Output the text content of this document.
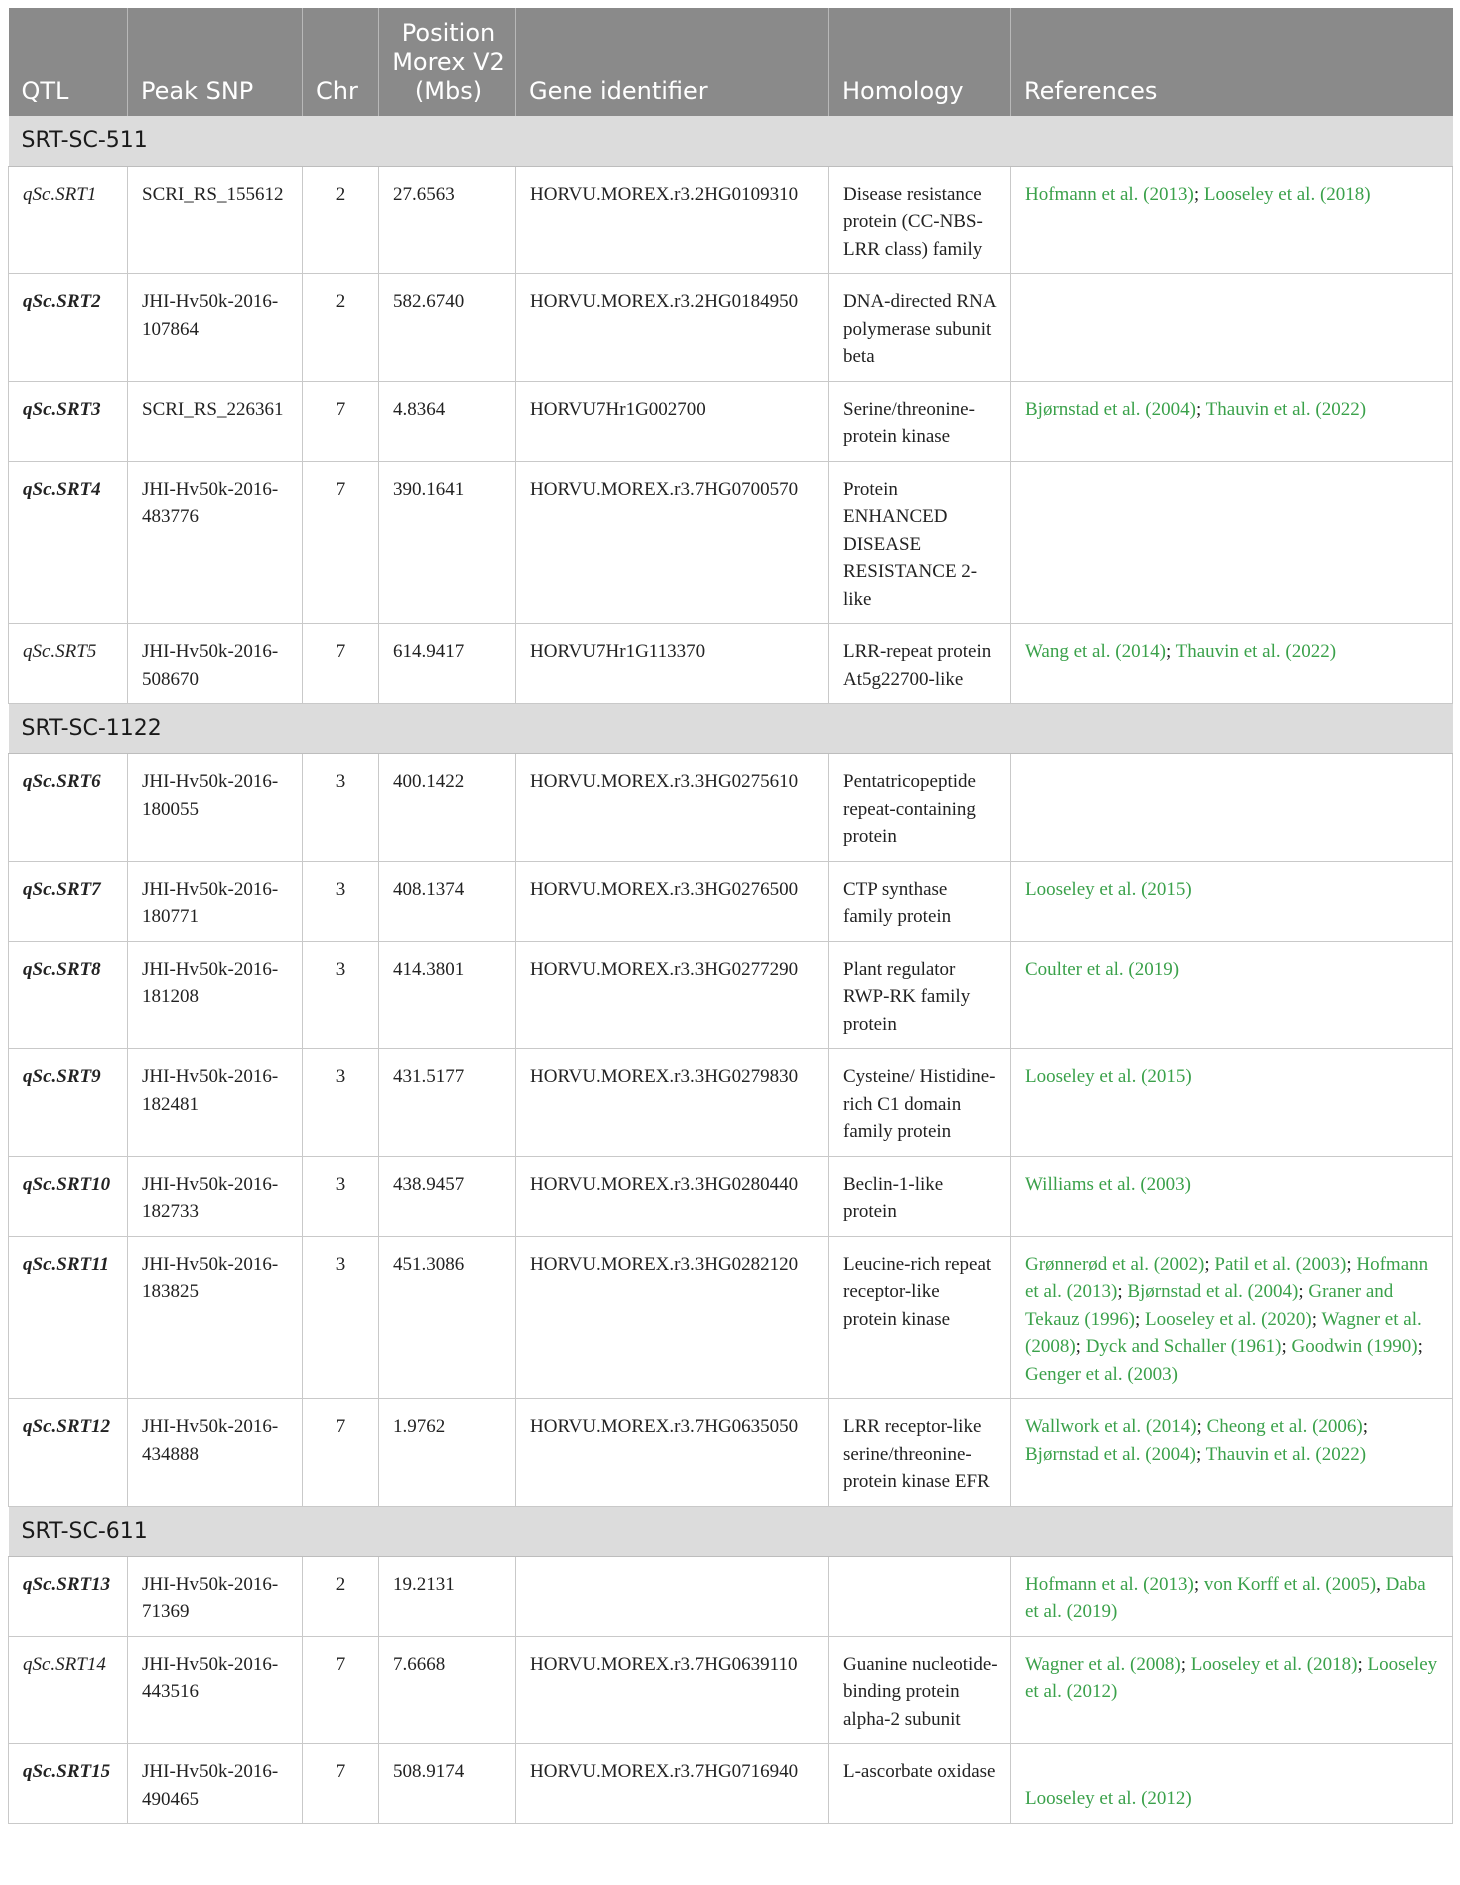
QTL	Peak SNP	Chr	Position Morex V2 (Mbs)	Gene identifier	Homology	References
SRT-SC-511						
qSc.SRT1	SCRI_RS_155612	2	27.6563	HORVU.MOREX.r3.2HG0109310	Disease resistance protein (CC-NBS-LRR class) family	Hofmann et al. (2013); Looseley et al. (2018)
qSc.SRT2	JHI-Hv50k-2016-107864	2	582.6740	HORVU.MOREX.r3.2HG0184950	DNA-directed RNA polymerase subunit beta	
qSc.SRT3	SCRI_RS_226361	7	4.8364	HORVU7Hr1G002700	Serine/threonine-protein kinase	Bjørnstad et al. (2004); Thauvin et al. (2022)
qSc.SRT4	JHI-Hv50k-2016-483776	7	390.1641	HORVU.MOREX.r3.7HG0700570	Protein ENHANCED DISEASE RESISTANCE 2-like	
qSc.SRT5	JHI-Hv50k-2016-508670	7	614.9417	HORVU7Hr1G113370	LRR-repeat protein At5g22700-like	Wang et al. (2014); Thauvin et al. (2022)
SRT-SC-1122						
qSc.SRT6	JHI-Hv50k-2016-180055	3	400.1422	HORVU.MOREX.r3.3HG0275610	Pentatricopeptide repeat-containing protein	
qSc.SRT7	JHI-Hv50k-2016-180771	3	408.1374	HORVU.MOREX.r3.3HG0276500	CTP synthase family protein	Looseley et al. (2015)
qSc.SRT8	JHI-Hv50k-2016-181208	3	414.3801	HORVU.MOREX.r3.3HG0277290	Plant regulator RWP-RK family protein	Coulter et al. (2019)
qSc.SRT9	JHI-Hv50k-2016-182481	3	431.5177	HORVU.MOREX.r3.3HG0279830	Cysteine/ Histidine-rich C1 domain family protein	Looseley et al. (2015)
qSc.SRT10	JHI-Hv50k-2016-182733	3	438.9457	HORVU.MOREX.r3.3HG0280440	Beclin-1-like protein	Williams et al. (2003)
qSc.SRT11	JHI-Hv50k-2016-183825	3	451.3086	HORVU.MOREX.r3.3HG0282120	Leucine-rich repeat receptor-like protein kinase	Grønnerød et al. (2002); Patil et al. (2003); Hofmann et al. (2013); Bjørnstad et al. (2004); Graner and Tekauz (1996); Looseley et al. (2020); Wagner et al. (2008); Dyck and Schaller (1961); Goodwin (1990); Genger et al. (2003)
qSc.SRT12	JHI-Hv50k-2016-434888	7	1.9762	HORVU.MOREX.r3.7HG0635050	LRR receptor-like serine/threonine-protein kinase EFR	Wallwork et al. (2014); Cheong et al. (2006); Bjørnstad et al. (2004); Thauvin et al. (2022)
SRT-SC-611						
qSc.SRT13	JHI-Hv50k-2016-71369	2	19.2131			Hofmann et al. (2013); von Korff et al. (2005), Daba et al. (2019)
qSc.SRT14	JHI-Hv50k-2016-443516	7	7.6668	HORVU.MOREX.r3.7HG0639110	Guanine nucleotide-binding protein alpha-2 subunit	Wagner et al. (2008); Looseley et al. (2018); Looseley et al. (2012)
qSc.SRT15	JHI-Hv50k-2016-490465	7	508.9174	HORVU.MOREX.r3.7HG0716940	L-ascorbate oxidase	Looseley et al. (2012)
